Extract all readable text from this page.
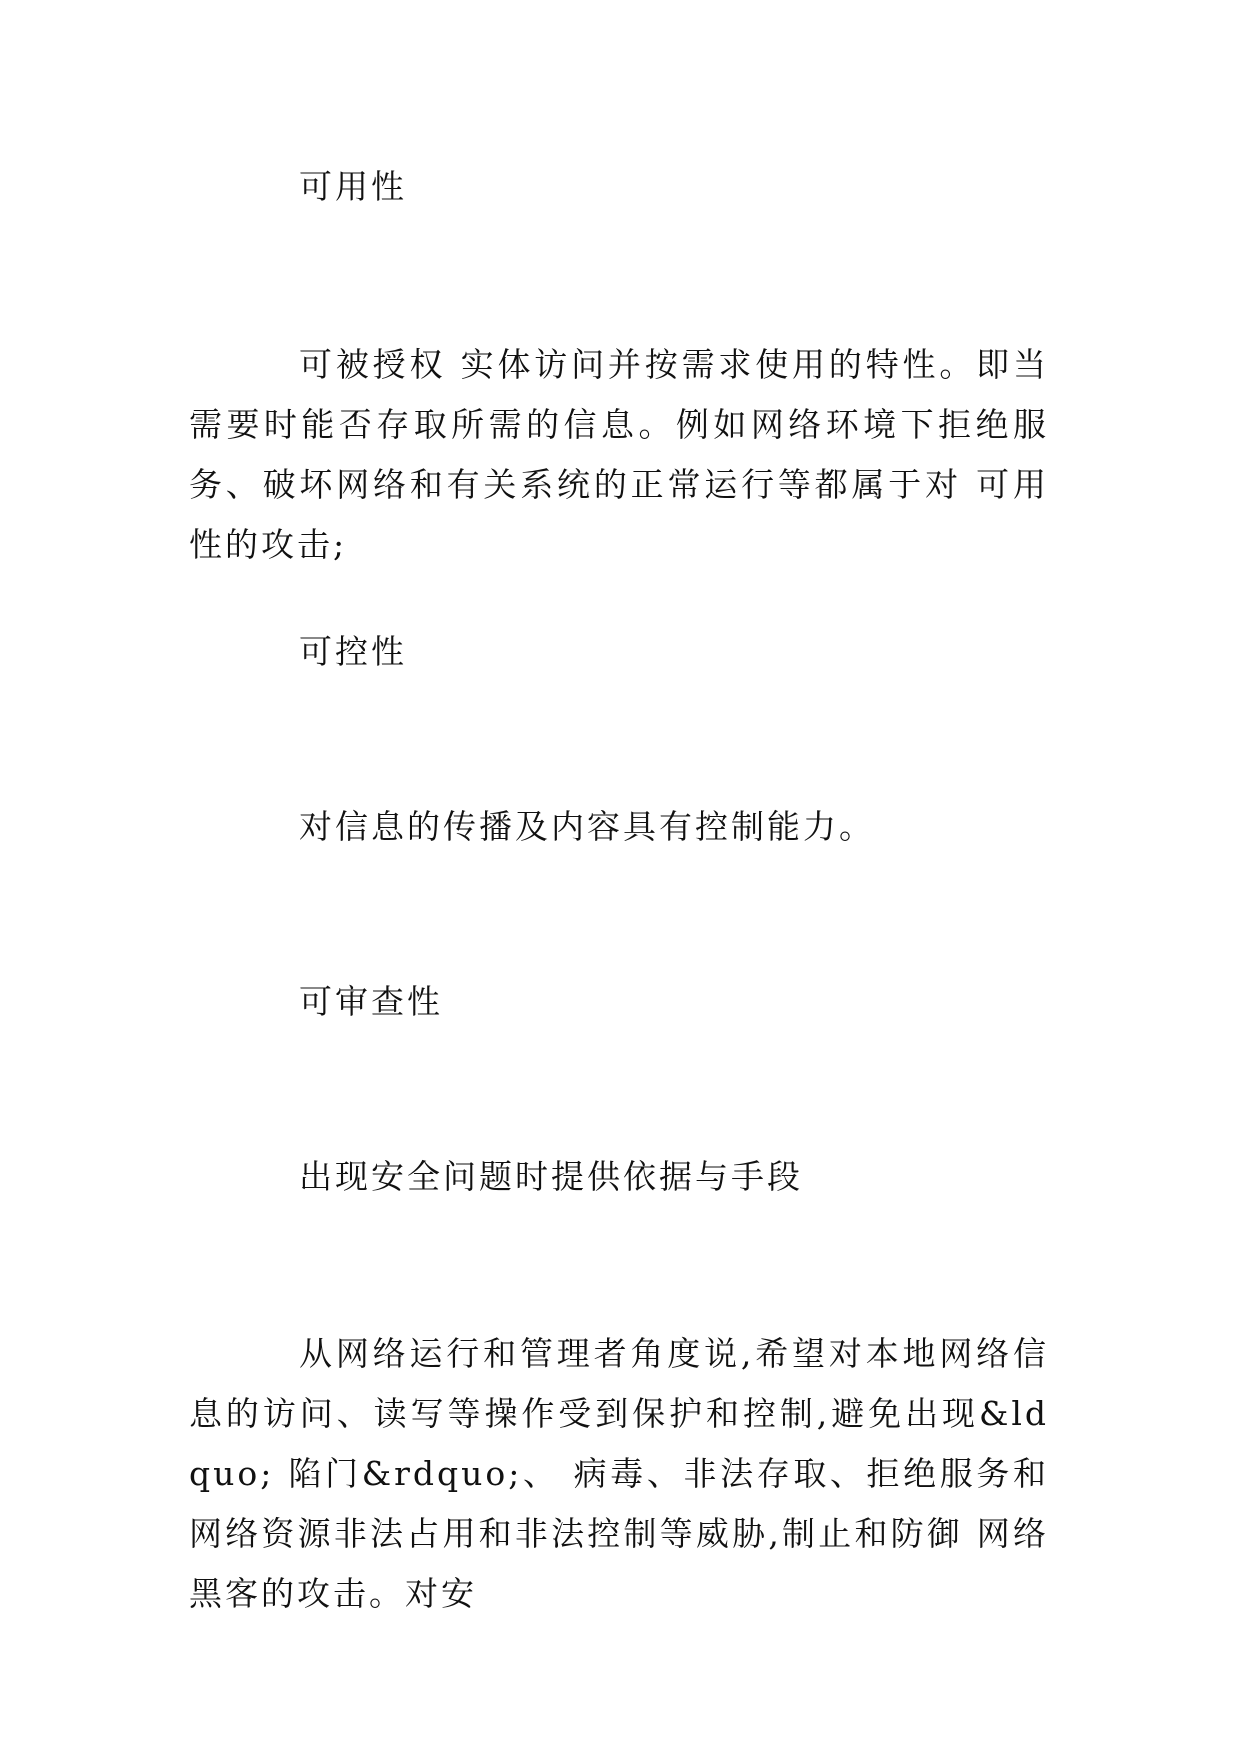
可用性

可被授权 实体访问并按需求使用的特性。即当需要时能否存取所需的信息。例如网络环境下拒绝服务、破坏网络和有关系统的正常运行等都属于对 可用性的攻击;

可控性

对信息的传播及内容具有控制能力。

可审查性

出现安全问题时提供依据与手段

从网络运行和管理者角度说,希望对本地网络信息的访问、读写等操作受到保护和控制,避免出现&ldquo; 陷门&rdquo;、 病毒、非法存取、拒绝服务和 网络资源非法占用和非法控制等威胁,制止和防御 网络黑客的攻击。对安
